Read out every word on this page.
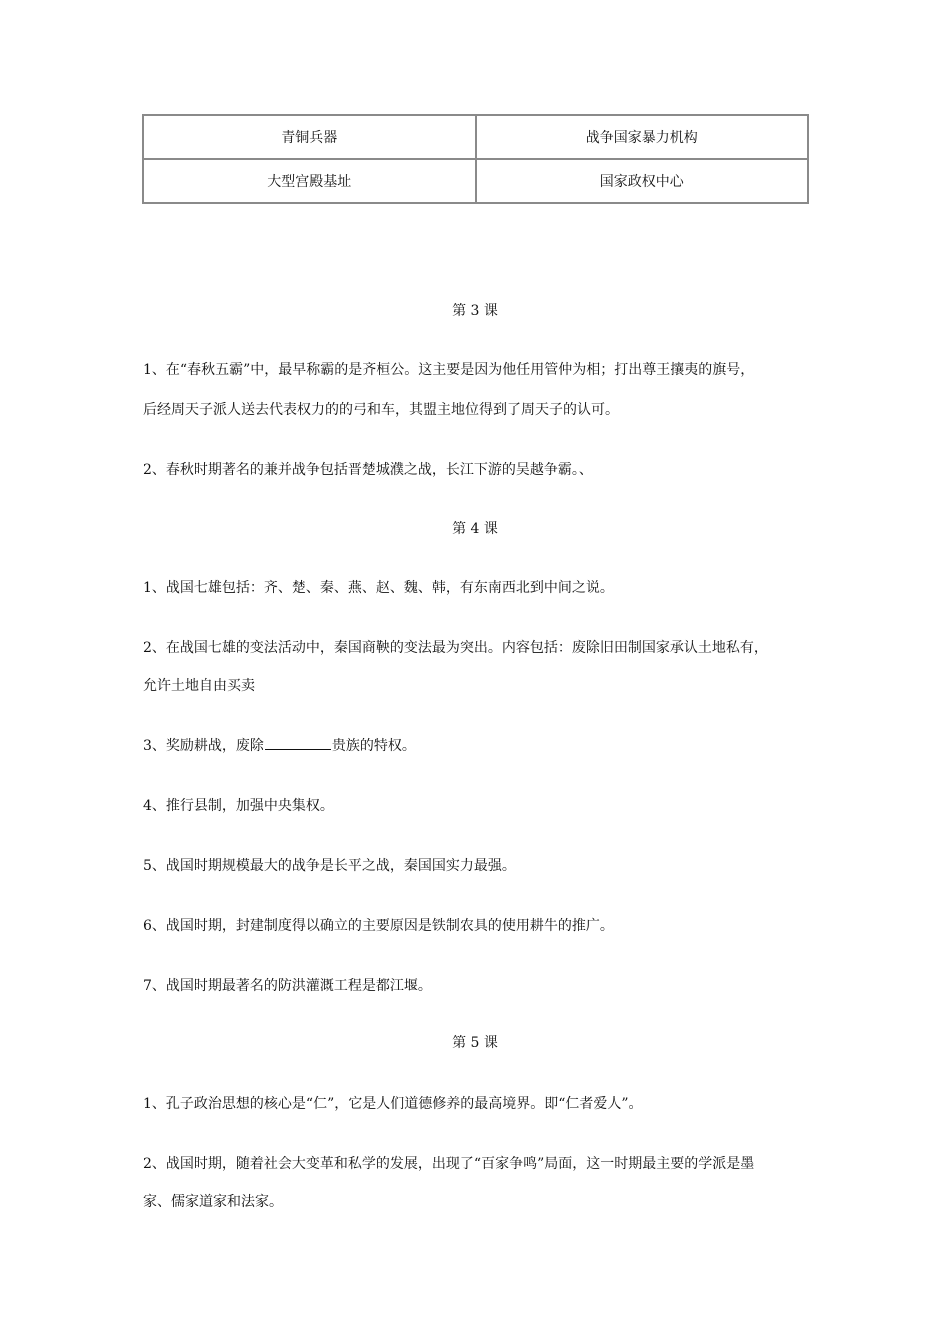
青铜兵器	战争国家暴力机构
大型宫殿基址	国家政权中心
第 3 课
1、在“春秋五霸”中，最早称霸的是齐桓公。这主要是因为他任用管仲为相；打出尊王攘夷的旗号，
后经周天子派人送去代表权力的的弓和车，其盟主地位得到了周天子的认可。
2、春秋时期著名的兼并战争包括晋楚城濮之战，长江下游的吴越争霸。、
第 4 课
1、战国七雄包括：齐、楚、秦、燕、赵、魏、韩，有东南西北到中间之说。
2、在战国七雄的变法活动中，秦国商鞅的变法最为突出。内容包括：废除旧田制国家承认土地私有，
允许土地自由买卖
3、奖励耕战，废除	贵族的特权。
4、推行县制，加强中央集权。
5、战国时期规模最大的战争是长平之战，秦国国实力最强。
6、战国时期，封建制度得以确立的主要原因是铁制农具的使用耕牛的推广。
7、战国时期最著名的防洪灌溉工程是都江堰。
第 5 课
1、孔子政治思想的核心是“仁”，它是人们道德修养的最高境界。即“仁者爱人”。
2、战国时期，随着社会大变革和私学的发展，出现了“百家争鸣”局面，这一时期最主要的学派是墨
家、儒家道家和法家。
